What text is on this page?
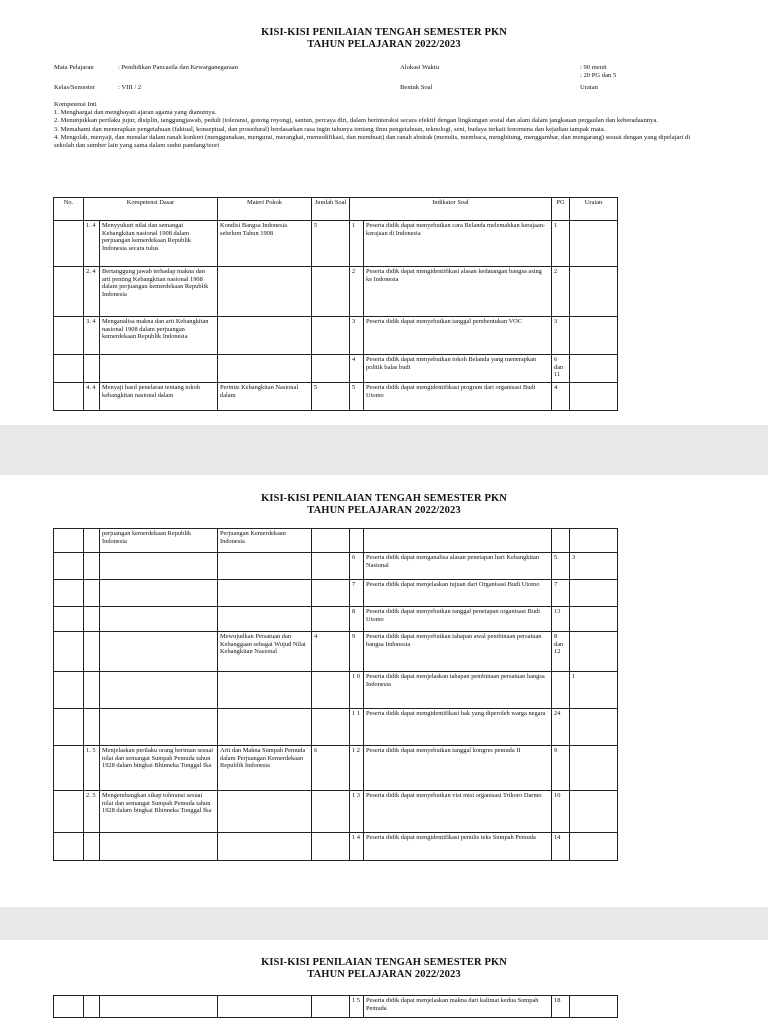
KISI-KISI PENILAIAN TENGAH SEMESTER PKN
TAHUN PELAJARAN 2022/2023
Mata Pelajaran	: Pendidikan Pancasila dan Kewarganegaraan	Alokasi Waktu	: 90 menit
: 20 PG dan 5
Kelas/Semester	: VIII / 2	Bentuk Soal	Uraian
Kompetensi Inti
1. Menghargai dan menghayati ajaran agama yang dianutnya.
2. Menunjukkan perilaku jujur, disiplin, tanggungjawab, peduli (toleransi, gotong royong), santun, percaya diri, dalam berinteraksi secara efektif dengan lingkungan sosial dan alam dalam jangkauan pergaulan dan keberadaannya.
3. Memahami dan menerapkan pengetahuan (faktual, konseptual, dan prosedural) berdasarkan rasa ingin tahunya tentang ilmu pengetahuan, teknologi, seni, budaya terkait fenomena dan kejadian tampak mata.
4. Mengolah, menyaji, dan menalar dalam ranah konkret (menggunakan, mengurai, merangkai, memodifikasi, dan membuat) dan ranah abstrak (menulis, membaca, menghitung, menggambar, dan mengarang) sesuai dengan yang dipelajari di sekolah dan sumber lain yang sama dalam sudut pandang/teori
No.	Kompetensi Dasar		Materi Pokok	Jumlah Soal	Indikator Soal		PG	Uraian
	1. 4	Menyyukuri nilai dan semangat Kebangkitan nasional 1908 dalam perjuangan kemerdekaan Republik Indonesia secara tulus	Kondisi Bangsa Indonesia sebelum Tahun 1908	5	1	Peserta didik dapat menyebutkan cara Belanda melemahkan kerajaan-kerajaan di Indonesia	1	
	2. 4	Bertanggung jawab terhadap makna dan arti penting Kebangkitan nasional 1908 dalam perjuangan kemerdekaan Republik Indonesia			2	Peserta didik dapat mengidentifikasi alasan kedatangan bangsa asing ke Indonesia	2	
	3. 4	Menganalisa makna dan arti Kebangkitan nasional 1908 dalam perjuangan kemerdekaan Republik Indonesia			3	Peserta didik dapat menyebutkan tanggal pembentukan VOC	3	
					4	Peserta didik dapat menyebutkan tokoh Belanda yang menerapkan politik balas budi	6 dan 11	
	4. 4	Menyaji hasil penelaran tentang tokoh kebangkitan nasional dalam	Perintis Kebangkitan Nasional dalam	5	5	Peserta didik dapat mengidentifikasi program dari organisasi Budi Utomo	4	
KISI-KISI PENILAIAN TENGAH SEMESTER PKN
TAHUN PELAJARAN 2022/2023
		perjuangan kemerdekaan Republik Indonesia	Perjuangan Kemerdekaan Indonesia					
					6	Peserta didik dapat menganalisa alasan penetapan hari Kebangkitan Nasional	5	3
					7	Peserta didik dapat menjelaskan tujuan dari Organisasi Budi Utomo	7	
					8	Peserta didik dapat menyebutkan tanggal penetapan organisasi Budi Utomo	13	
			Mewujudkan Persatuan dan Kebanggaan sebagai Wujud Nilai Kebangkitan Nasional	4	9	Peserta didik dapat menyebutkan tahapan awal pembinaan persatuan bangsa Indonesia	8 dan 12	
					1 0	Peserta didik dapat menjelaskan tahapan pembinaan persatuan bangsa Indonesia		1
					1 1	Peserta didik dapat mengidentifikasi hak yang diperoleh warga negara	24	
	1. 5	Menjelaskan perilaku orang beriman sesuai nilai dan semangat Sumpah Pemuda tahun 1928 dalam bingkai Bhinneka Tunggal Ika	Arti dan Makna Sumpah Pemuda dalam Perjuangan Kemerdekaan Republik Indonesia	6	1 2	Peserta didik dapat menyebutkan tanggal kongres pemuda II	9	
	2. 5	Mengembangkan sikap toleransi sesuai nilai dan semangat Sumpah Pemuda tahun 1928 dalam bingkai Bhinneka Tunggal Ika			1 3	Peserta didik dapat menyebutkan visi misi organisasi Trikoro Darmo	10	
					1 4	Peserta didik dapat mengidentifikasi penulis teks Sumpah Pemuda	14	
KISI-KISI PENILAIAN TENGAH SEMESTER PKN
TAHUN PELAJARAN 2022/2023
					1 5	Peserta didik dapat menjelaskan makna dari kalimat kedua Sumpah Pemuda	18	
